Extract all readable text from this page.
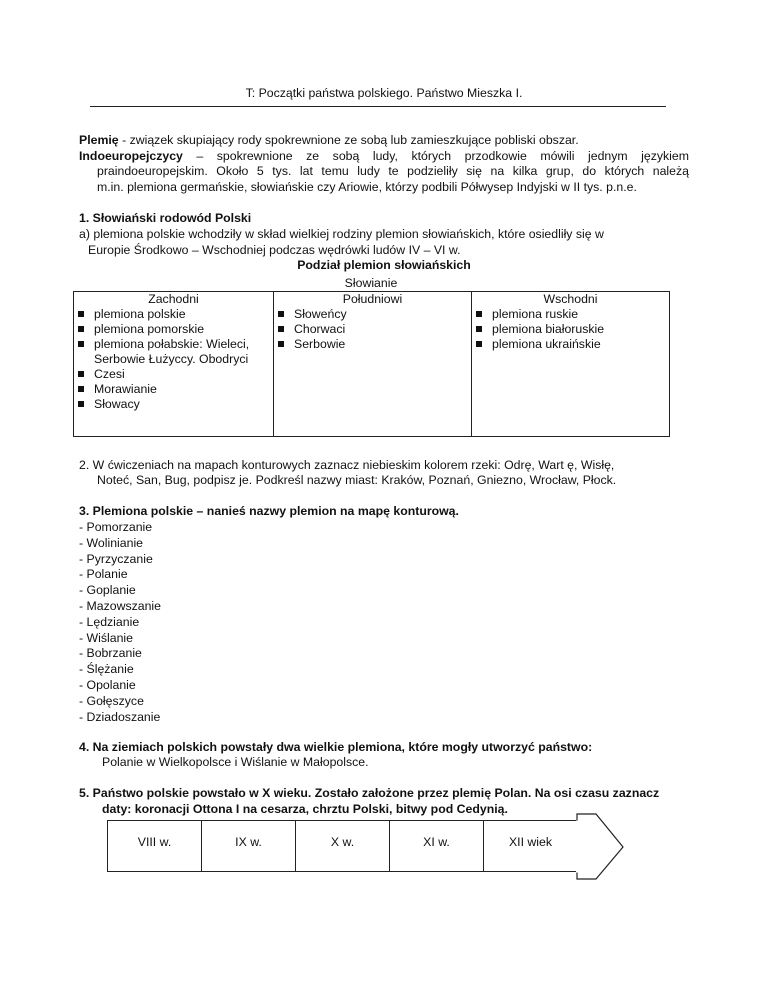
T: Początki państwa polskiego. Państwo Mieszka I.
Plemię - związek skupiający rody spokrewnione ze sobą lub zamieszkujące pobliski obszar.
Indoeuropejczycy – spokrewnione ze sobą ludy, których przodkowie mówili jednym językiem
praindoeuropejskim. Około 5 tys. lat temu ludy te podzieliły się na kilka grup, do których należą
m.in. plemiona germańskie, słowiańskie czy Ariowie, którzy podbili Półwysep Indyjski w II tys. p.n.e.
1. Słowiański rodowód Polski
a) plemiona polskie wchodziły w skład wielkiej rodziny plemion słowiańskich, które osiedliły się w
Europie Środkowo – Wschodniej podczas wędrówki ludów IV – VI w.
Podział plemion słowiańskich
Słowianie
Zachodni
plemiona polskie
plemiona pomorskie
plemiona połabskie: Wieleci, Serbowie Łużyccy. Obodryci
Czesi
Morawianie
Słowacy

Południowi
Słoweńcy
Chorwaci
Serbowie

Wschodni
plemiona ruskie
plemiona białoruskie
plemiona ukraińskie
2. W ćwiczeniach na mapach konturowych zaznacz niebieskim kolorem rzeki: Odrę, Wart ę, Wisłę,
Noteć, San, Bug, podpisz je. Podkreśl nazwy miast: Kraków, Poznań, Gniezno, Wrocław, Płock.
3. Plemiona polskie – nanieś nazwy plemion na mapę konturową.
- Pomorzanie
- Wolinianie
- Pyrzyczanie
- Polanie
- Goplanie
- Mazowszanie
- Lędzianie
- Wiślanie
- Bobrzanie
- Ślężanie
- Opolanie
- Gołęszyce
- Dziadoszanie
4. Na ziemiach polskich powstały dwa wielkie plemiona, które mogły utworzyć państwo:
Polanie w Wielkopolsce i Wiślanie w Małopolsce.
5. Państwo polskie powstało w X wieku. Zostało założone przez plemię Polan. Na osi czasu zaznacz
daty: koronacji Ottona I na cesarza, chrztu Polski, bitwy pod Cedynią.
VIII w.	IX w.	X w.	XI w.	XII wiek
